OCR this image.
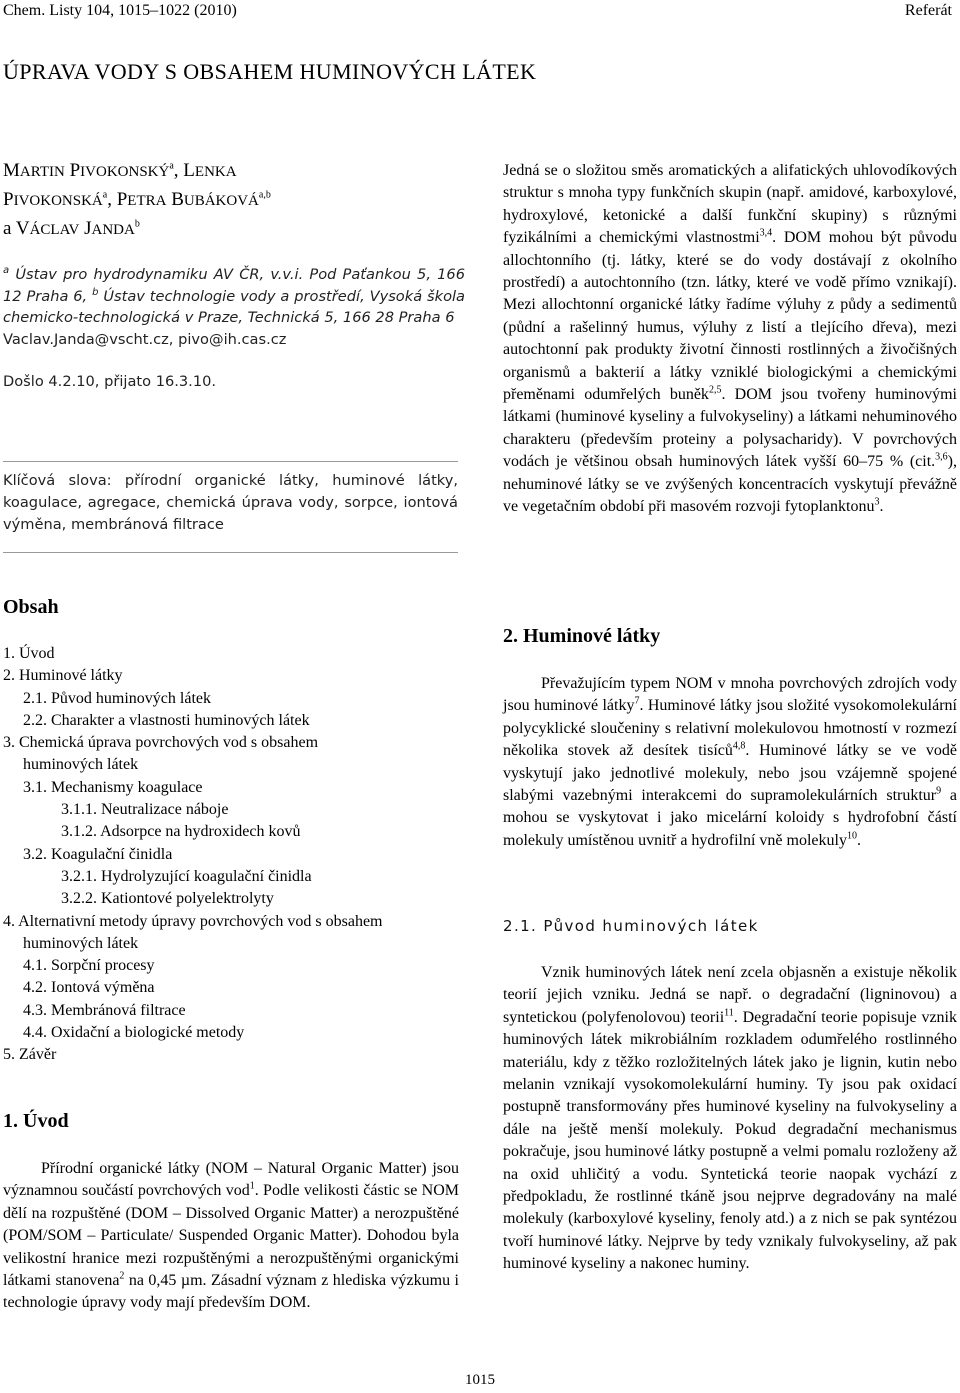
Chem. Listy 104, 1015–1022 (2010)	Referát
ÚPRAVA VODY S OBSAHEM HUMINOVÝCH LÁTEK
MARTIN PIVOKONSKÝ$^a$, LENKA
PIVOKONSKÁ$^a$, PETRA BUBÁKOVÁ$^{a,b}$
a VÁCLAV JANDA$^b$
$^a$ Ústav pro hydrodynamiku AV ČR, v.v.i. Pod Paťankou 5, 166 12 Praha 6, $^b$ Ústav technologie vody a prostředí, Vysoká škola chemicko-technologická v Praze, Technická 5, 166 28 Praha 6
Vaclav.Janda@vscht.cz, pivo@ih.cas.cz
Došlo 4.2.10, přijato 16.3.10.
Klíčová slova: přírodní organické látky, huminové látky, koagulace, agregace, chemická úprava vody, sorpce, iontová výměna, membránová filtrace
Obsah
1. Úvod
2. Huminové látky
2.1. Původ huminových látek
2.2. Charakter a vlastnosti huminových látek
3. Chemická úprava povrchových vod s obsahem
huminových látek
3.1. Mechanismy koagulace
3.1.1. Neutralizace náboje
3.1.2. Adsorpce na hydroxidech kovů
3.2. Koagulační činidla
3.2.1. Hydrolyzující koagulační činidla
3.2.2. Kationtové polyelektrolyty
4. Alternativní metody úpravy povrchových vod s obsahem
huminových látek
4.1. Sorpční procesy
4.2. Iontová výměna
4.3. Membránová filtrace
4.4. Oxidační a biologické metody
5. Závěr
1. Úvod
Přírodní organické látky (NOM – Natural Organic Matter) jsou významnou součástí povrchových vod$^1$. Podle velikosti částic se NOM dělí na rozpuštěné (DOM – Dissolved Organic Matter) a nerozpuštěné (POM/SOM – Particulate/ Suspended Organic Matter). Dohodou byla velikostní hranice mezi rozpuštěnými a nerozpuštěnými organickými látkami stanovena$^2$ na 0,45 µm. Zásadní význam z hlediska výzkumu i technologie úpravy vody mají především DOM.
Jedná se o složitou směs aromatických a alifatických uhlovodíkových struktur s mnoha typy funkčních skupin (např. amidové, karboxylové, hydroxylové, ketonické a další funkční skupiny) s různými fyzikálními a chemickými vlastnostmi$^{3,4}$. DOM mohou být původu allochtonního (tj. látky, které se do vody dostávají z okolního prostředí) a autochtonního (tzn. látky, které ve vodě přímo vznikají). Mezi allochtonní organické látky řadíme výluhy z půdy a sedimentů (půdní a rašelinný humus, výluhy z listí a tlejícího dřeva), mezi autochtonní pak produkty životní činnosti rostlinných a živočišných organismů a bakterií a látky vzniklé biologickými a chemickými přeměnami odumřelých buněk$^{2,5}$. DOM jsou tvořeny huminovými látkami (huminové kyseliny a fulvokyseliny) a látkami nehuminového charakteru (především proteiny a polysacharidy). V povrchových vodách je většinou obsah huminových látek vyšší 60–75 % (cit.$^{3,6}$), nehuminové látky se ve zvýšených koncentracích vyskytují převážně ve vegetačním období při masovém rozvoji fytoplanktonu$^3$.
2. Huminové látky
Převažujícím typem NOM v mnoha povrchových zdrojích vody jsou huminové látky$^7$. Huminové látky jsou složité vysokomolekulární polycyklické sloučeniny s relativní molekulovou hmotností v rozmezí několika stovek až desítek tisíců$^{4,8}$. Huminové látky se ve vodě vyskytují jako jednotlivé molekuly, nebo jsou vzájemně spojené slabými vazebnými interakcemi do supramolekulárních struktur$^9$ a mohou se vyskytovat i jako micelární koloidy s hydrofobní částí molekuly umístěnou uvnitř a hydrofilní vně molekuly$^{10}$.
2.1. Původ huminových látek
Vznik huminových látek není zcela objasněn a existuje několik teorií jejich vzniku. Jedná se např. o degradační (ligninovou) a syntetickou (polyfenolovou) teorii$^{11}$. Degradační teorie popisuje vznik huminových látek mikrobiálním rozkladem odumřelého rostlinného materiálu, kdy z těžko rozložitelných látek jako je lignin, kutin nebo melanin vznikají vysokomolekulární huminy. Ty jsou pak oxidací postupně transformovány přes huminové kyseliny na fulvokyseliny a dále na ještě menší molekuly. Pokud degradační mechanismus pokračuje, jsou huminové látky postupně a velmi pomalu rozloženy až na oxid uhličitý a vodu. Syntetická teorie naopak vychází z předpokladu, že rostlinné tkáně jsou nejprve degradovány na malé molekuly (karboxylové kyseliny, fenoly atd.) a z nich se pak syntézou tvoří huminové látky. Nejprve by tedy vznikaly fulvokyseliny, až pak huminové kyseliny a nakonec huminy.
1015
